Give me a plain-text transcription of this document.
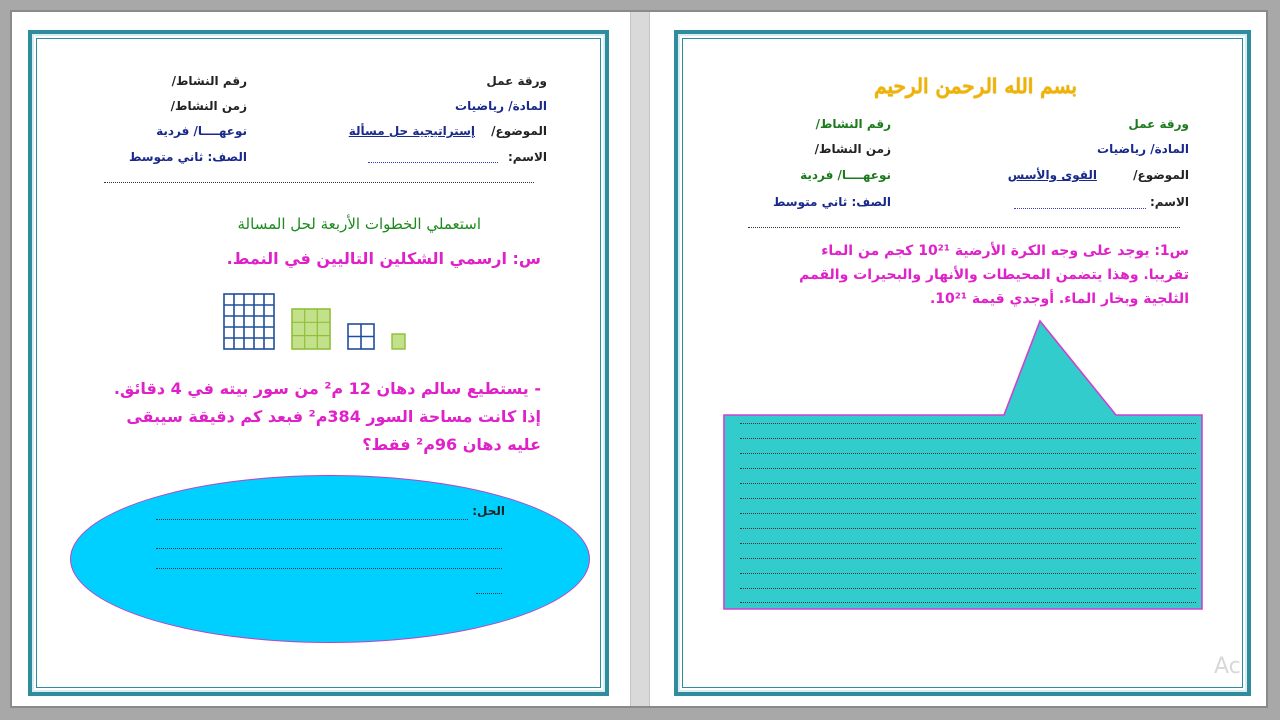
ورقة عمل
المادة/ رياضيات
الموضوع/
إستراتيجية حل مسألة
الاسم:
رقم النشاط/
زمن النشاط/
نوعهــــا/ فردية
الصف: ثاني متوسط
استعملي الخطوات الأربعة لحل المسالة
س: ارسمي الشكلين التاليين في النمط.
- يستطيع سالم دهان 12 م² من سور بيته في 4 دقائق.
إذا كانت مساحة السور 384م² فبعد كم دقيقة سيبقى
عليه دهان 96م² فقط؟
الحل:
بسم الله الرحمن الرحيم
ورقة عمل
المادة/ رياضيات
الموضوع/
القوى والأسس
الاسم:
رقم النشاط/
زمن النشاط/
نوعهــــا/ فردية
الصف: ثاني متوسط
س1: يوجد على وجه الكرة الأرضية 10²¹ كجم من الماء
تقريبا. وهذا يتضمن المحيطات والأنهار والبحيرات والقمم
الثلجية وبخار الماء. أوجدي قيمة 10²¹.
Ac
